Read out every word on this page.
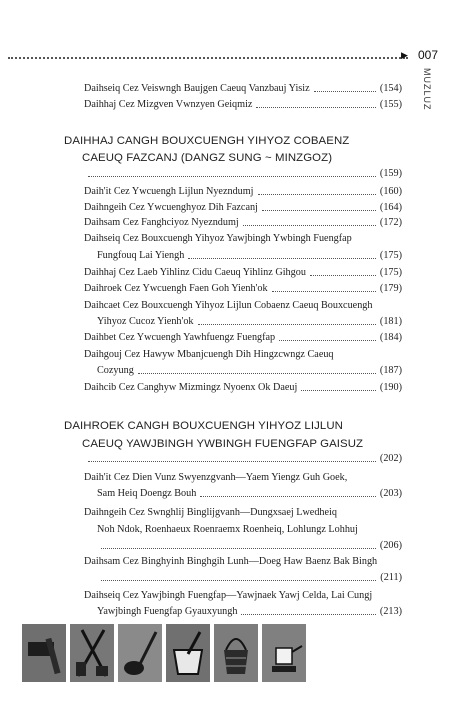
▶ 007
MUZLUZ
Daihseiq Cez Veiswngh Baujgen Caeuq Vanzbauj Yisiz	(154)
Daihhaj Cez Mizgven Vwnzyen Geiqmiz	(155)
DAIHHAJ CANGH BOUXCUENGH YIHYOZ COBAENZ
CAEUQ FAZCANJ (DANGZ SUNG ~ MINZGOZ)
(159)
Daih'it Cez Ywcuengh Lijlun Nyezndumj	(160)
Daihngeih Cez Ywcuenghyoz Dih Fazcanj	(164)
Daihsam Cez Fanghciyoz Nyezndumj	(172)
Daihseiq Cez Bouxcuengh Yihyoz Yawjbingh Ywbingh Fuengfap
Fungfouq Lai Yiengh	(175)
Daihhaj Cez Laeb Yihlinz Cidu Caeuq Yihlinz Gihgou	(175)
Daihroek Cez Ywcuengh Faen Goh Yienh'ok	(179)
Daihcaet Cez Bouxcuengh Yihyoz Lijlun Cobaenz Caeuq Bouxcuengh
Yihyoz Cucoz Yienh'ok	(181)
Daihbet Cez Ywcuengh Yawhfuengz Fuengfap	(184)
Daihgouj Cez Hawyw Mbanjcuengh Dih Hingzcwngz Caeuq
Cozyung	(187)
Daihcib Cez Canghyw Mizmingz Nyoenx Ok Daeuj	(190)
DAIHROEK CANGH BOUXCUENGH YIHYOZ LIJLUN
CAEUQ YAWJBINGH YWBINGH FUENGFAP GAISUZ
(202)
Daih'it Cez Dien Vunz Swyenzgvanh—Yaem Yiengz Guh Goek,
Sam Heiq Doengz Bouh	(203)
Daihngeih Cez Swnghlij Binglijgvanh—Dungxsaej Lwedheiq
Noh Ndok, Roenhaeux Roenraemx Roenheiq, Lohlungz Lohhuj
(206)
Daihsam Cez Binghyinh Binghgih Lunh—Doeg Haw Baenz Bak Bingh
(211)
Daihseiq Cez Yawjbingh Fuengfap—Yawjnaek Yawj Celda, Lai Cungj
Yawjbingh Fuengfap Gyauxyungh	(213)
